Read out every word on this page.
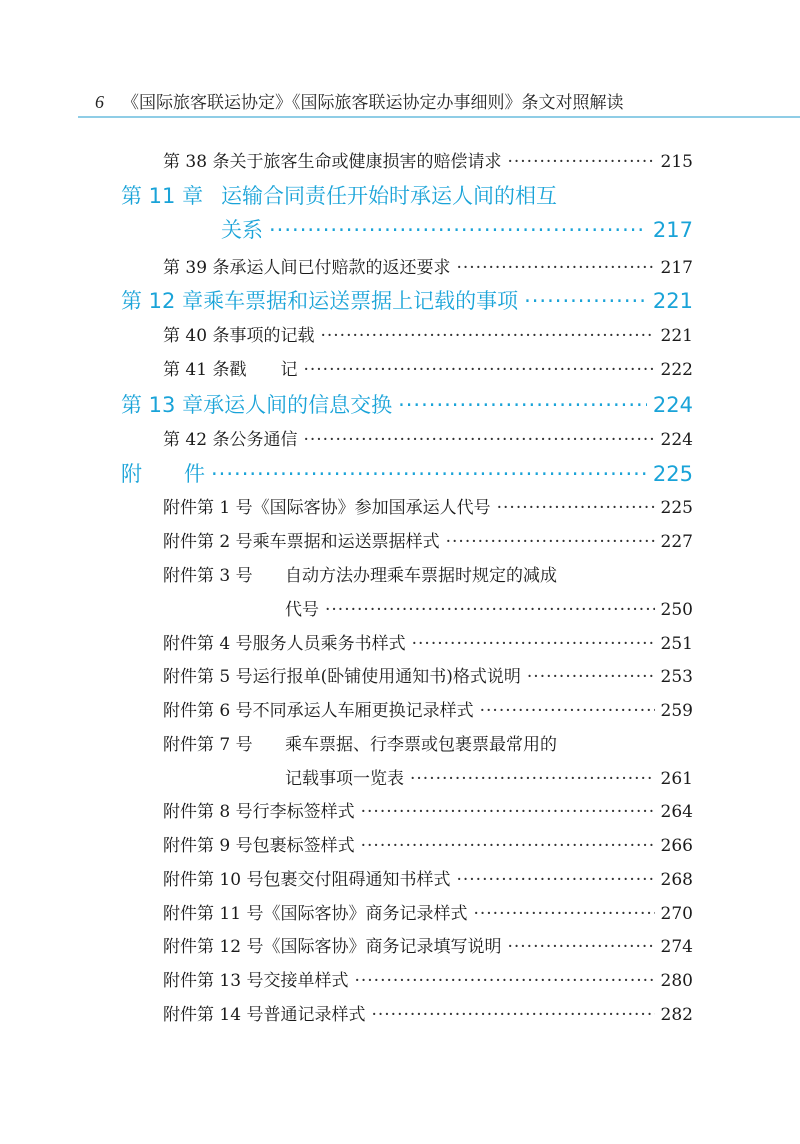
6 《国际旅客联运协定》《国际旅客联运协定办事细则》条文对照解读
第 38 条 关于旅客生命或健康损害的赔偿请求 ·····	215
第 11 章 运输合同责任开始时承运人间的相互
关系 ·····	217
第 39 条 承运人间已付赔款的返还要求 ·····	217
第 12 章 乘车票据和运送票据上记载的事项 ·····	221
第 40 条 事项的记载 ·····	221
第 41 条 戳　　记 ·····	222
第 13 章 承运人间的信息交换 ·····	224
第 42 条 公务通信 ·····	224
附　　件 ·····	225
附件第 1 号 《国际客协》参加国承运人代号 ·····	225
附件第 2 号 乘车票据和运送票据样式 ·····	227
附件第 3 号	自动方法办理乘车票据时规定的减成
代号 ·····	250
附件第 4 号 服务人员乘务书样式 ·····	251
附件第 5 号 运行报单(卧铺使用通知书)格式说明 ·····	253
附件第 6 号 不同承运人车厢更换记录样式 ·····	259
附件第 7 号	乘车票据、行李票或包裹票最常用的
记载事项一览表 ·····	261
附件第 8 号 行李标签样式 ·····	264
附件第 9 号 包裹标签样式 ·····	266
附件第 10 号 包裹交付阻碍通知书样式 ·····	268
附件第 11 号 《国际客协》商务记录样式 ·····	270
附件第 12 号 《国际客协》商务记录填写说明 ·····	274
附件第 13 号 交接单样式 ·····	280
附件第 14 号 普通记录样式 ·····	282
